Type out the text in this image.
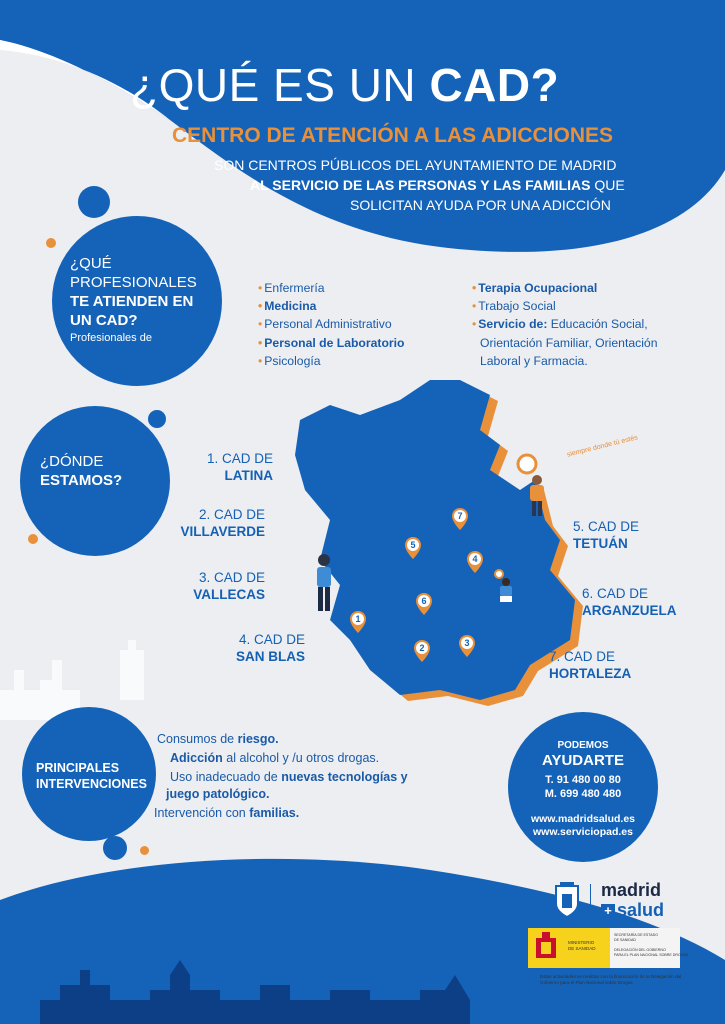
¿QUÉ ES UN CAD?
CENTRO DE ATENCIÓN A LAS ADICCIONES
SON CENTROS PÚBLICOS DEL AYUNTAMIENTO DE MADRID
AL SERVICIO DE LAS PERSONAS Y LAS FAMILIAS QUE
SOLICITAN AYUDA POR UNA ADICCIÓN
¿QUÉ
PROFESIONALES
TE ATIENDEN EN
UN CAD?
Profesionales de
• Enfermería
• Medicina
• Personal Administrativo
• Personal de Laboratorio
• Psicología
• Terapia Ocupacional
• Trabajo Social
• Servicio de: Educación Social,
Orientación Familiar, Orientación
Laboral y Farmacia.
¿DÓNDE
ESTAMOS?
1. CAD DE
LATINA
2. CAD DE
VILLAVERDE
3. CAD DE
VALLECAS
4. CAD DE
SAN BLAS
5. CAD DE
TETUÁN
6. CAD DE
ARGANZUELA
7. CAD DE
HORTALEZA
1
2	3
4
5
6
7
siempre donde tú estés
PRINCIPALES
INTERVENCIONES
Consumos de riesgo.
Adicción al alcohol y /u otros drogas.
Uso inadecuado de nuevas tecnologías y
juego patológico.
Intervención con familias.
PODEMOS
AYUDARTE
T. 91 480 00 80
M. 699 480 480
www.madridsalud.es
www.serviciopad.es
madrid
+ salud
MINISTERIO
DE SANIDAD
SECRETARÍA DE ESTADO
DE SANIDAD
DELEGACIÓN DEL GOBIERNO
PARA EL PLAN NACIONAL SOBRE DROGAS
Estas actividades se realizan con la financiación de la Delegación del
Gobierno para el Plan Nacional sobre Drogas
